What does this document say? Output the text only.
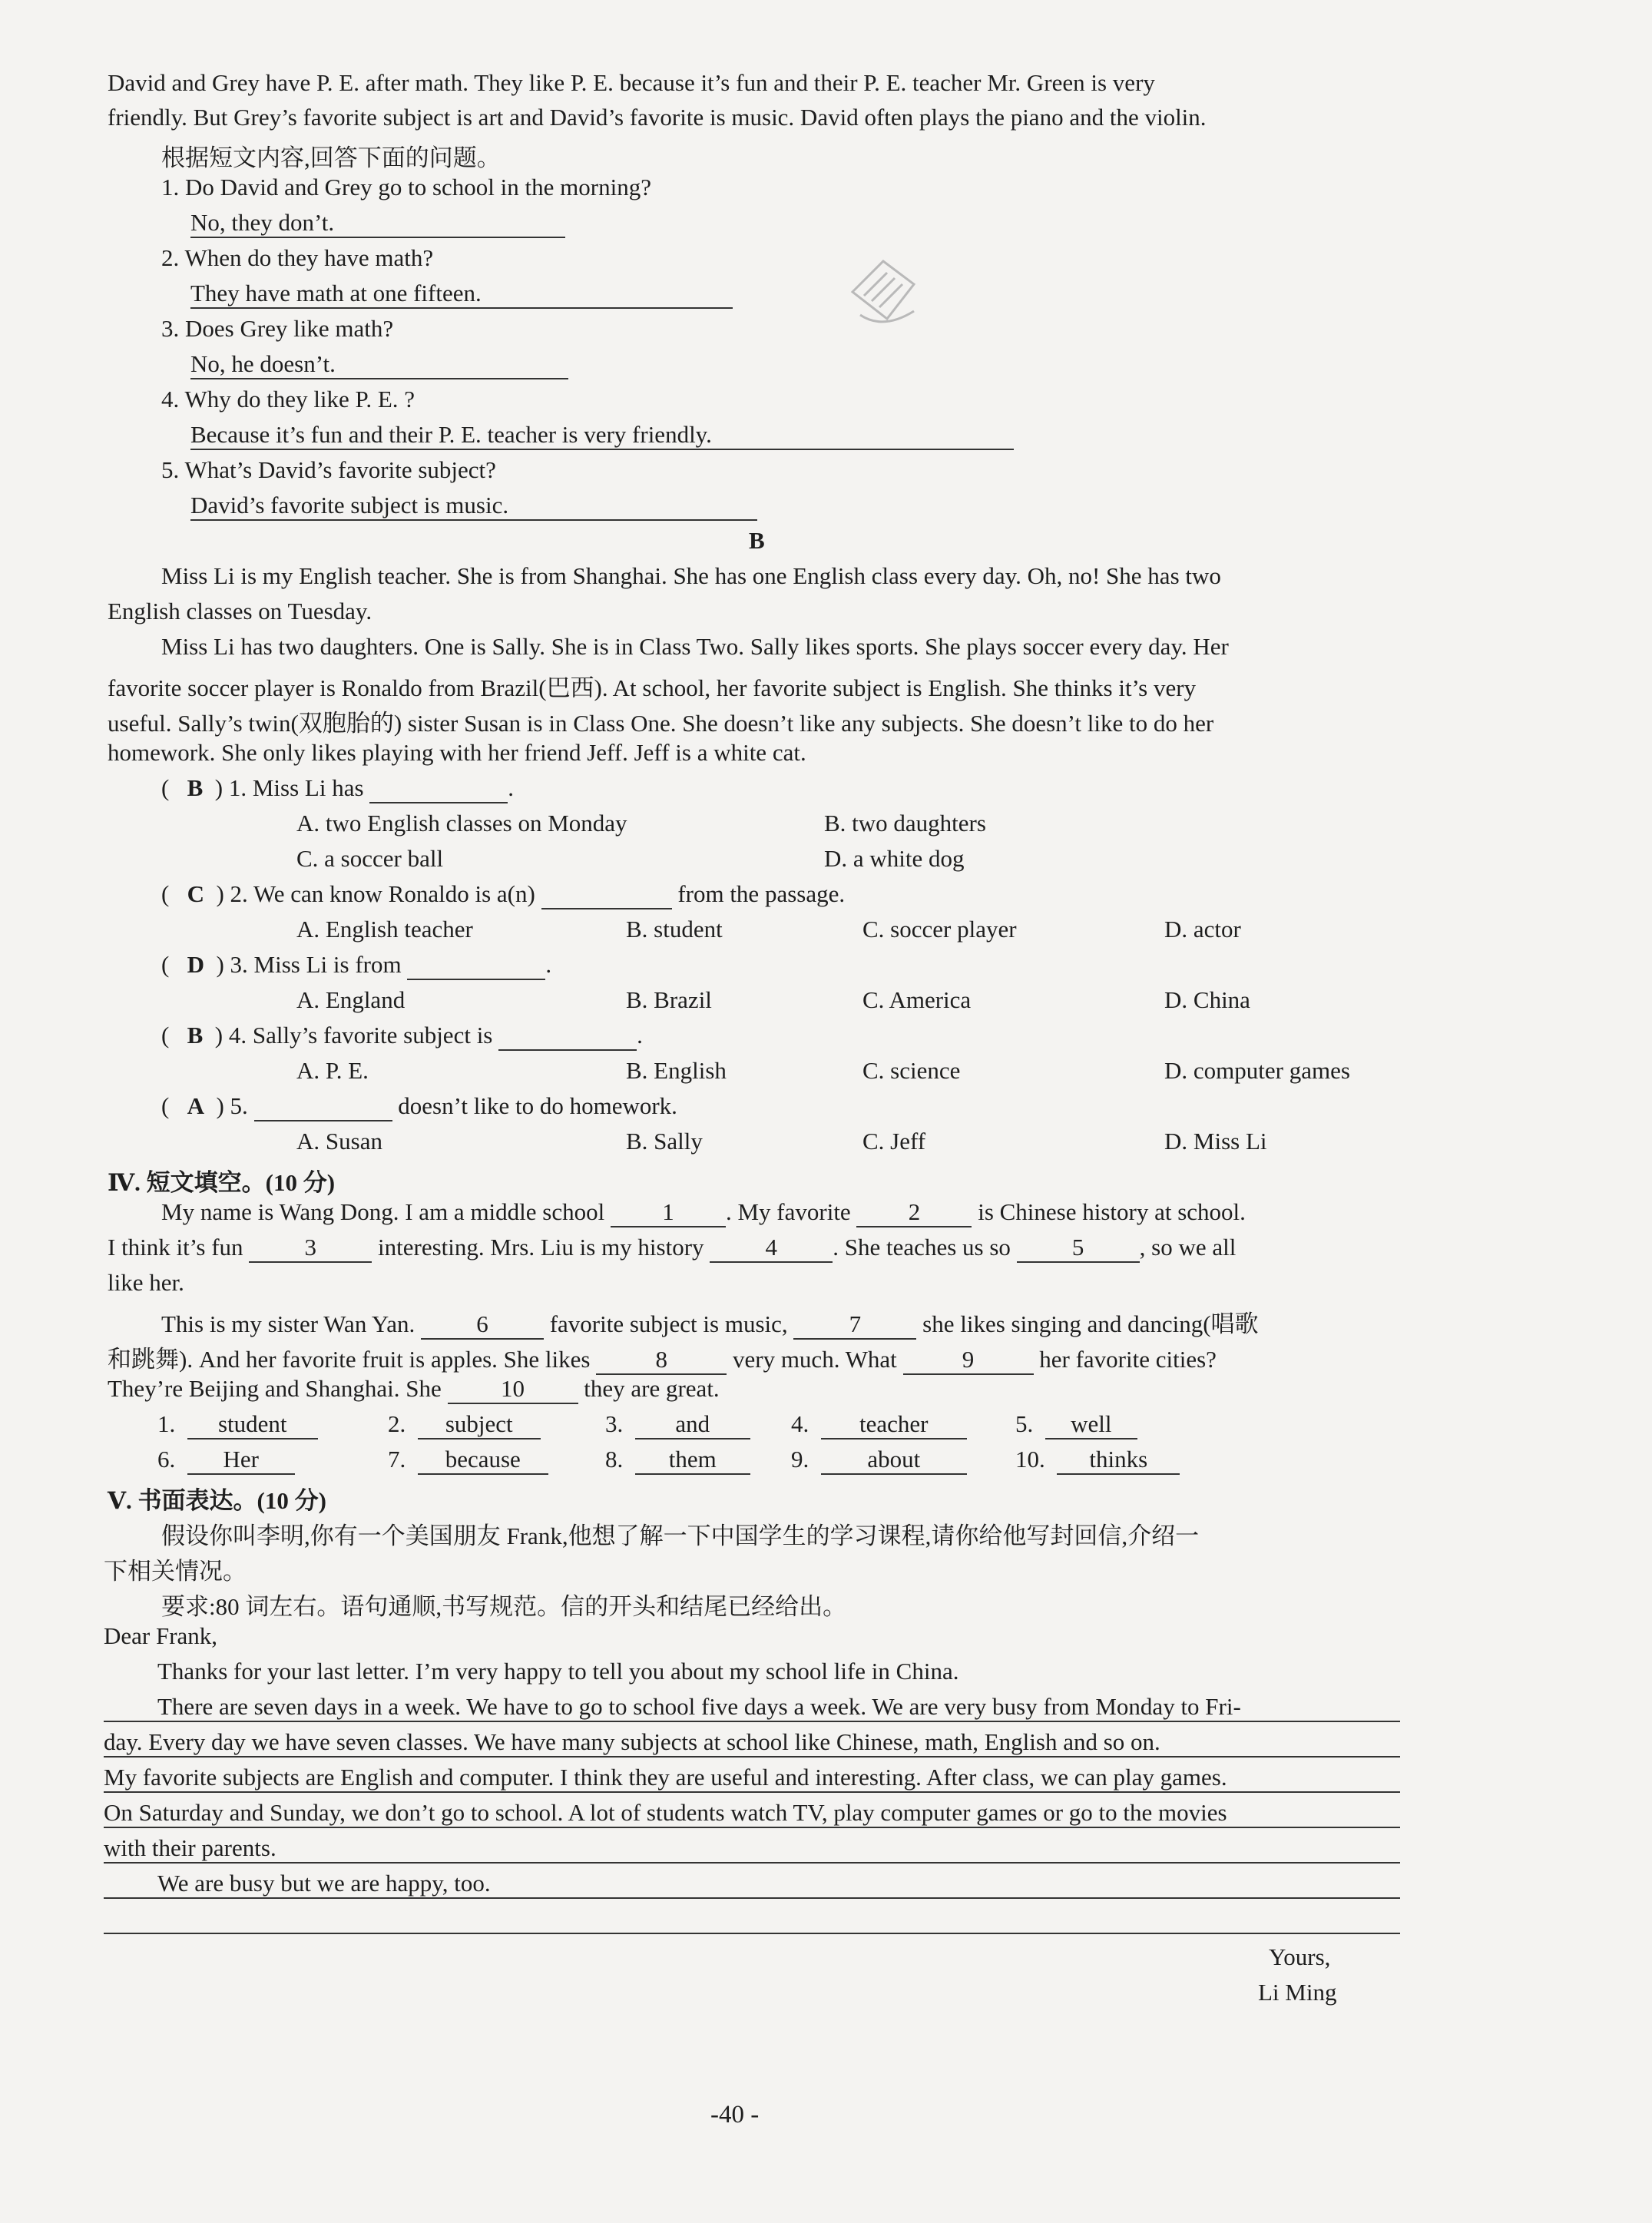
David and Grey have P. E. after math. They like P. E. because it’s fun and their P. E. teacher Mr. Green is very
friendly. But Grey’s favorite subject is art and David’s favorite is music. David often plays the piano and the violin.
根据短文内容,回答下面的问题。
1. Do David and Grey go to school in the morning?
No, they don’t.
2. When do they have math?
They have math at one fifteen.
3. Does Grey like math?
No, he doesn’t.
4. Why do they like P. E. ?
Because it’s fun and their P. E. teacher is very friendly.
5. What’s David’s favorite subject?
David’s favorite subject is music.
B
Miss Li is my English teacher. She is from Shanghai. She has one English class every day. Oh, no! She has two
English classes on Tuesday.
Miss Li has two daughters. One is Sally. She is in Class Two. Sally likes sports. She plays soccer every day. Her
favorite soccer player is Ronaldo from Brazil(巴西). At school, her favorite subject is English. She thinks it’s very
useful. Sally’s twin(双胞胎的) sister Susan is in Class One. She doesn’t like any subjects. She doesn’t like to do her
homework. She only likes playing with her friend Jeff. Jeff is a white cat.
( B ) 1. Miss Li has	.
A. two English classes on Monday	B. two daughters
C. a soccer ball	D. a white dog
( C ) 2. We can know Ronaldo is a(n)	from the passage.
A. English teacher	B. student	C. soccer player	D. actor
( D ) 3. Miss Li is from	.
A. England	B. Brazil	C. America	D. China
( B ) 4. Sally’s favorite subject is	.
A. P. E.	B. English	C. science	D. computer games
( A ) 5.	doesn’t like to do homework.
A. Susan	B. Sally	C. Jeff	D. Miss Li
Ⅳ. 短文填空。(10 分)
My name is Wang Dong. I am a middle school 1 . My favorite 2 is Chinese history at school.
I think it’s fun	3	interesting. Mrs. Liu is my history	4 . She teaches us so	5 , so we all
like her.
This is my sister Wan Yan.	6	favorite subject is music,	7	she likes singing and dancing(唱歌
和跳舞). And her favorite fruit is apples. She likes	8	very much. What	9	her favorite cities?
They’re Beijing and Shanghai. She 10 they are great.
1. student	2. subject	3. and	4. teacher	5. well
6. Her	7. because	8. them	9. about	10. thinks
Ⅴ. 书面表达。(10 分)
假设你叫李明,你有一个美国朋友 Frank,他想了解一下中国学生的学习课程,请你给他写封回信,介绍一
下相关情况。
要求:80 词左右。语句通顺,书写规范。信的开头和结尾已经给出。
Dear Frank,
Thanks for your last letter. I’m very happy to tell you about my school life in China.
There are seven days in a week. We have to go to school five days a week. We are very busy from Monday to Fri-
day. Every day we have seven classes. We have many subjects at school like Chinese, math, English and so on.
My favorite subjects are English and computer. I think they are useful and interesting. After class, we can play games.
On Saturday and Sunday, we don’t go to school. A lot of students watch TV, play computer games or go to the movies
with their parents.
We are busy but we are happy, too.
Yours,
Li Ming
-40 -
